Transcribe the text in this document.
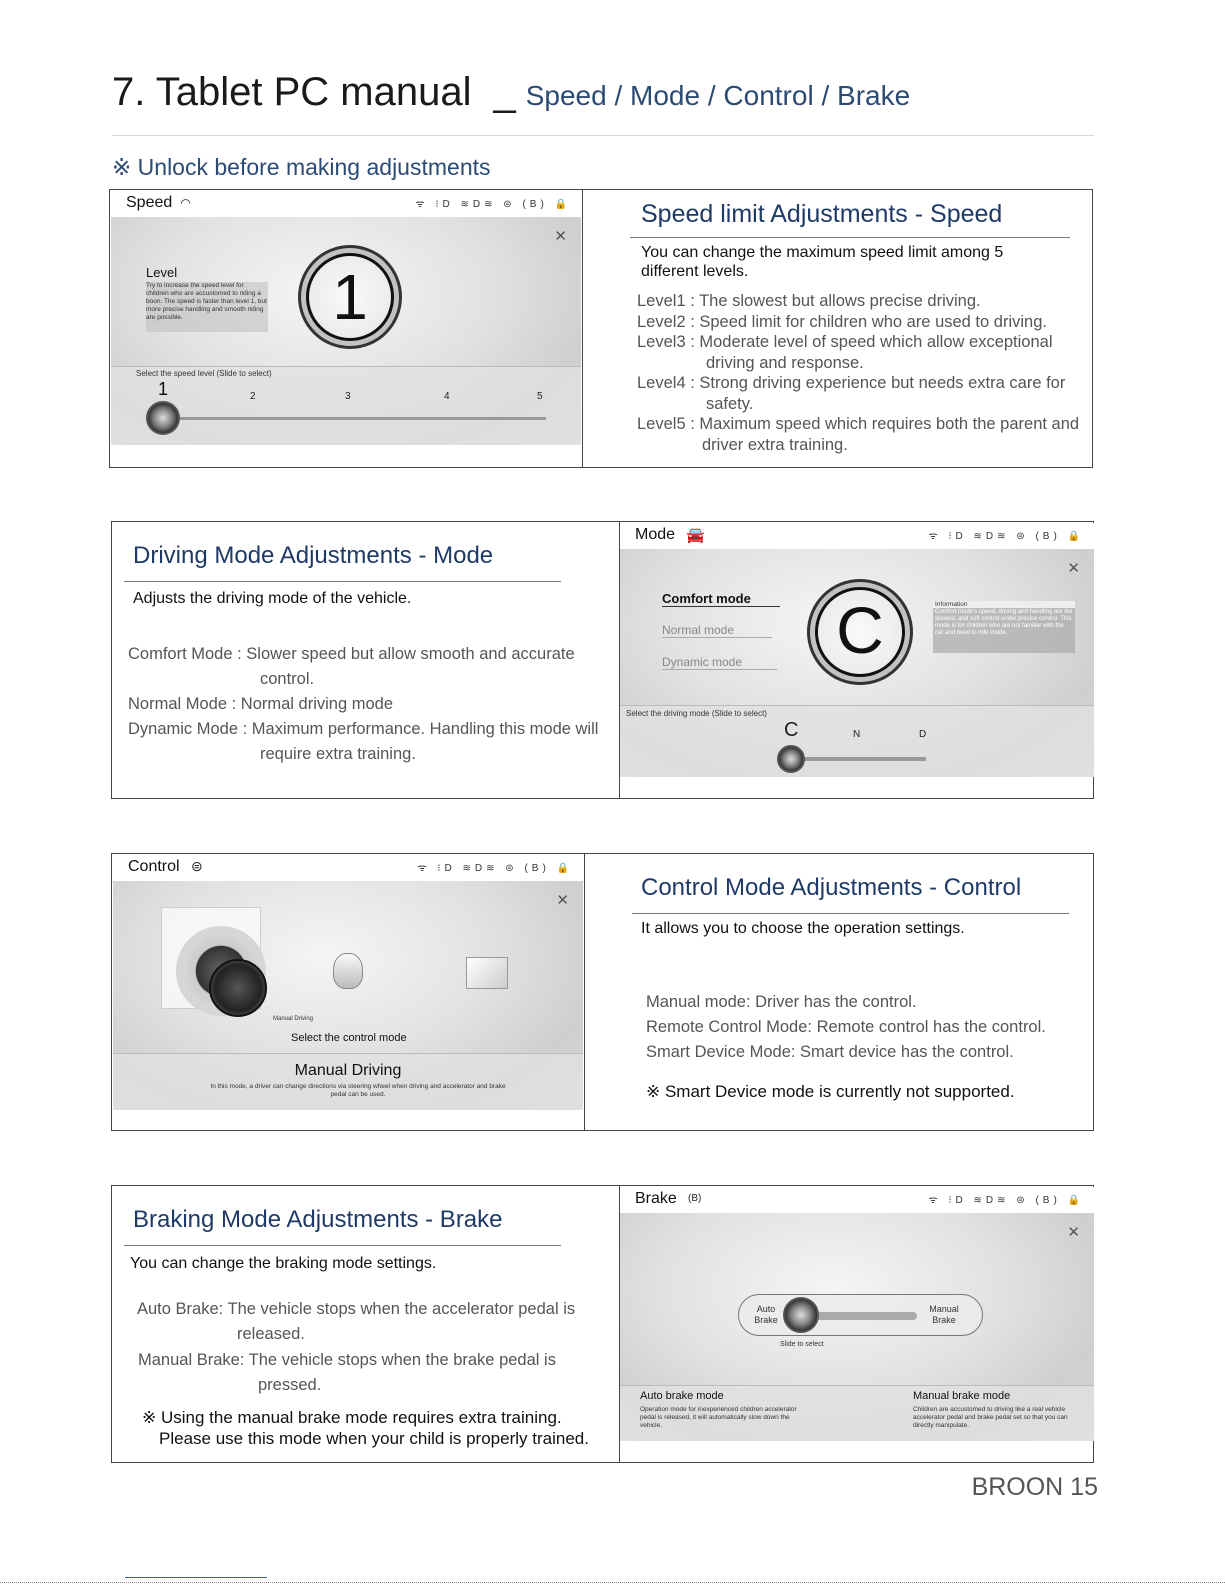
7. Tablet PC manual _ Speed / Mode / Control / Brake
※ Unlock before making adjustments
Speed ◜◝	ᯤ ⁝D ≋D≋ ⊜ (B) 🔒
✕
Level
Try to increase the speed level for children who are accustomed to riding a boon. The speed is faster than level 1, but more precise handling and smooth riding are possible.	1
Select the speed level (Slide to select)
1	2	3	4	5
Speed limit Adjustments - Speed
You can change the maximum speed limit among 5 different levels.
Level1 : The slowest but allows precise driving.
Level2 : Speed limit for children who are used to driving.
Level3 : Moderate level of speed which allow exceptional driving and response.
Level4 : Strong driving experience but needs extra care for safety.
Level5 : Maximum speed which requires both the parent and driver extra training.
Driving Mode Adjustments - Mode
Adjusts the driving mode of the vehicle.
Comfort Mode : Slower speed but allow smooth and accurate control.
Normal Mode : Normal driving mode
Dynamic Mode : Maximum performance. Handling this mode will require extra training.
Mode 🚘	ᯤ ⁝D ≋D≋ ⊜ (B) 🔒
✕
Comfort mode
Normal mode
Dynamic mode	C	Information
Comfort mode's speed, driving and handling are the slowest, and soft control under precise control. This mode is for children who are not familiar with the car and need to ride inside.
Select the driving mode (Slide to select)
C	N	D
Control ⊜	ᯤ ⁝D ≋D≋ ⊜ (B) 🔒
✕
Manual Driving
Select the control mode
Manual Driving
In this mode, a driver can change directions via steering wheel when driving and accelerator and brake pedal can be used.
Control Mode Adjustments - Control
It allows you to choose the operation settings.
Manual mode: Driver has the control.
Remote Control Mode: Remote control has the control.
Smart Device Mode: Smart device has the control.
※ Smart Device mode is currently not supported.
Braking Mode Adjustments - Brake
You can change the braking mode settings.
Auto Brake: The vehicle stops when the accelerator pedal is released.
Manual Brake: The vehicle stops when the brake pedal is pressed.
※ Using the manual brake mode requires extra training. Please use this mode when your child is properly trained.
Brake (B)	ᯤ ⁝D ≋D≋ ⊜ (B) 🔒
✕
Auto Brake
Manual Brake
Slide to select
Auto brake mode
Operation mode for inexperienced children accelerator pedal is released, it will automatically slow down the vehicle.
Manual brake mode
Children are accustomed to driving like a real vehicle accelerator pedal and brake pedal set so that you can directly manipulate.
BROON 15
